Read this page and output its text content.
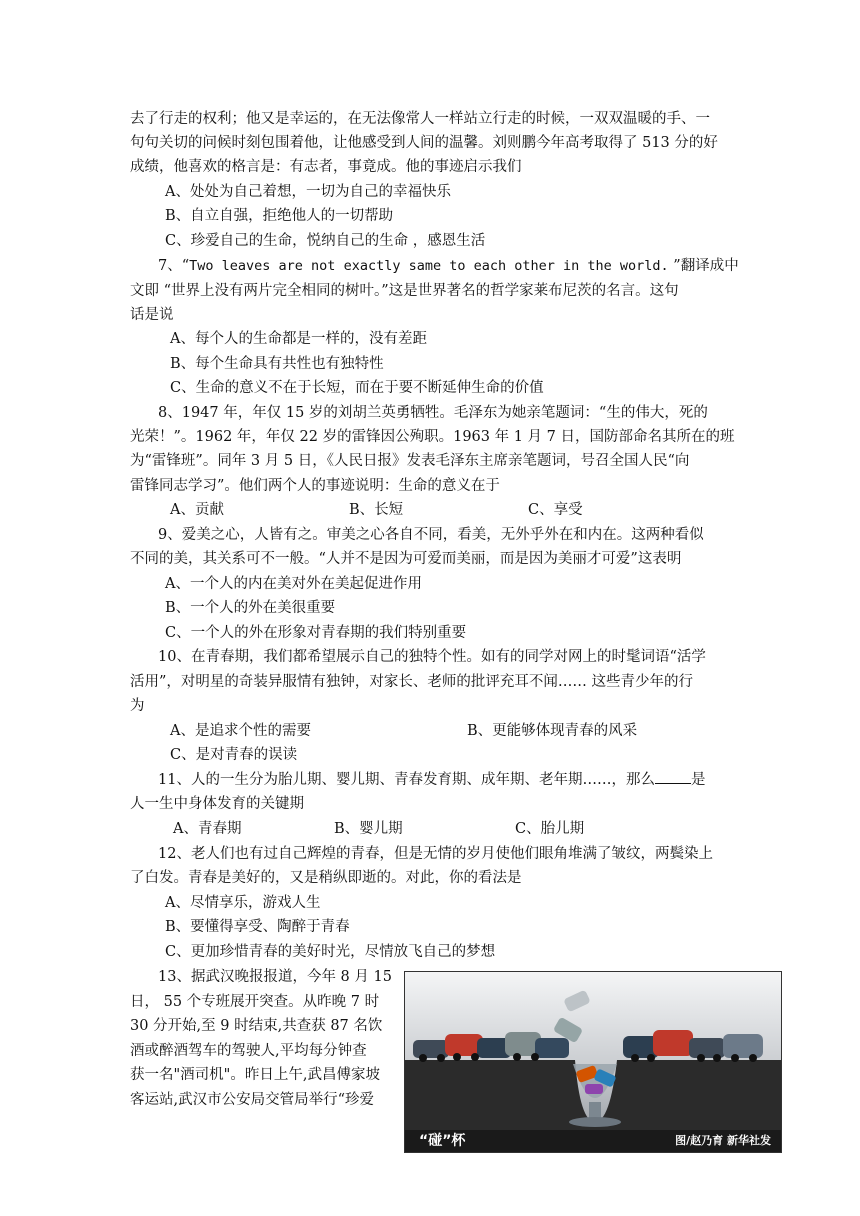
去了行走的权利；他又是幸运的，在无法像常人一样站立行走的时候，一双双温暖的手、一
句句关切的问候时刻包围着他，让他感受到人间的温馨。刘则鹏今年高考取得了 513 分的好
成绩，他喜欢的格言是：有志者，事竟成。他的事迹启示我们
A、处处为自己着想，一切为自己的幸福快乐
B、自立自强，拒绝他人的一切帮助
C、珍爱自己的生命，悦纳自己的生命 ，感恩生活
7、“Two leaves are not exactly same to each other in the world. ”翻译成中
文即 “世界上没有两片完全相同的树叶。”这是世界著名的哲学家莱布尼茨的名言。这句
话是说
A、每个人的生命都是一样的，没有差距
B、每个生命具有共性也有独特性
C、生命的意义不在于长短，而在于要不断延伸生命的价值
8、1947 年，年仅 15 岁的刘胡兰英勇牺牲。毛泽东为她亲笔题词：“生的伟大，死的
光荣！”。1962 年，年仅 22 岁的雷锋因公殉职。1963 年 1 月 7 日，国防部命名其所在的班
为“雷锋班”。同年 3 月 5 日，《人民日报》发表毛泽东主席亲笔题词，号召全国人民“向
雷锋同志学习”。他们两个人的事迹说明：生命的意义在于
A、贡献	B、长短	C、享受
9、爱美之心，人皆有之。审美之心各自不同，看美，无外乎外在和内在。这两种看似
不同的美，其关系可不一般。“人并不是因为可爱而美丽，而是因为美丽才可爱”这表明
A、一个人的内在美对外在美起促进作用
B、一个人的外在美很重要
C、一个人的外在形象对青春期的我们特别重要
10、在青春期，我们都希望展示自己的独特个性。如有的同学对网上的时髦词语“活学
活用”，对明星的奇装异服情有独钟，对家长、老师的批评充耳不闻…… 这些青少年的行
为
A、是追求个性的需要	B、更能够体现青春的风采
C、是对青春的误读
11、人的一生分为胎儿期、婴儿期、青春发育期、成年期、老年期……，那么 是
人一生中身体发育的关键期
A、青春期	B、婴儿期	C、胎儿期
12、老人们也有过自己辉煌的青春，但是无情的岁月使他们眼角堆满了皱纹，两鬓染上
了白发。青春是美好的，又是稍纵即逝的。对此，你的看法是
A、尽情享乐，游戏人生
B、要懂得享受、陶醉于青春
C、更加珍惜青春的美好时光，尽情放飞自己的梦想
13、据武汉晚报报道，今年 8 月 15
日， 55 个专班展开突查。从昨晚 7 时
30 分开始,至 9 时结束,共查获 87 名饮
酒或醉酒驾车的驾驶人,平均每分钟查
获一名"酒司机"。昨日上午,武昌傅家坡
客运站,武汉市公安局交管局举行“珍爱
“碰”杯	图/赵乃育 新华社发
